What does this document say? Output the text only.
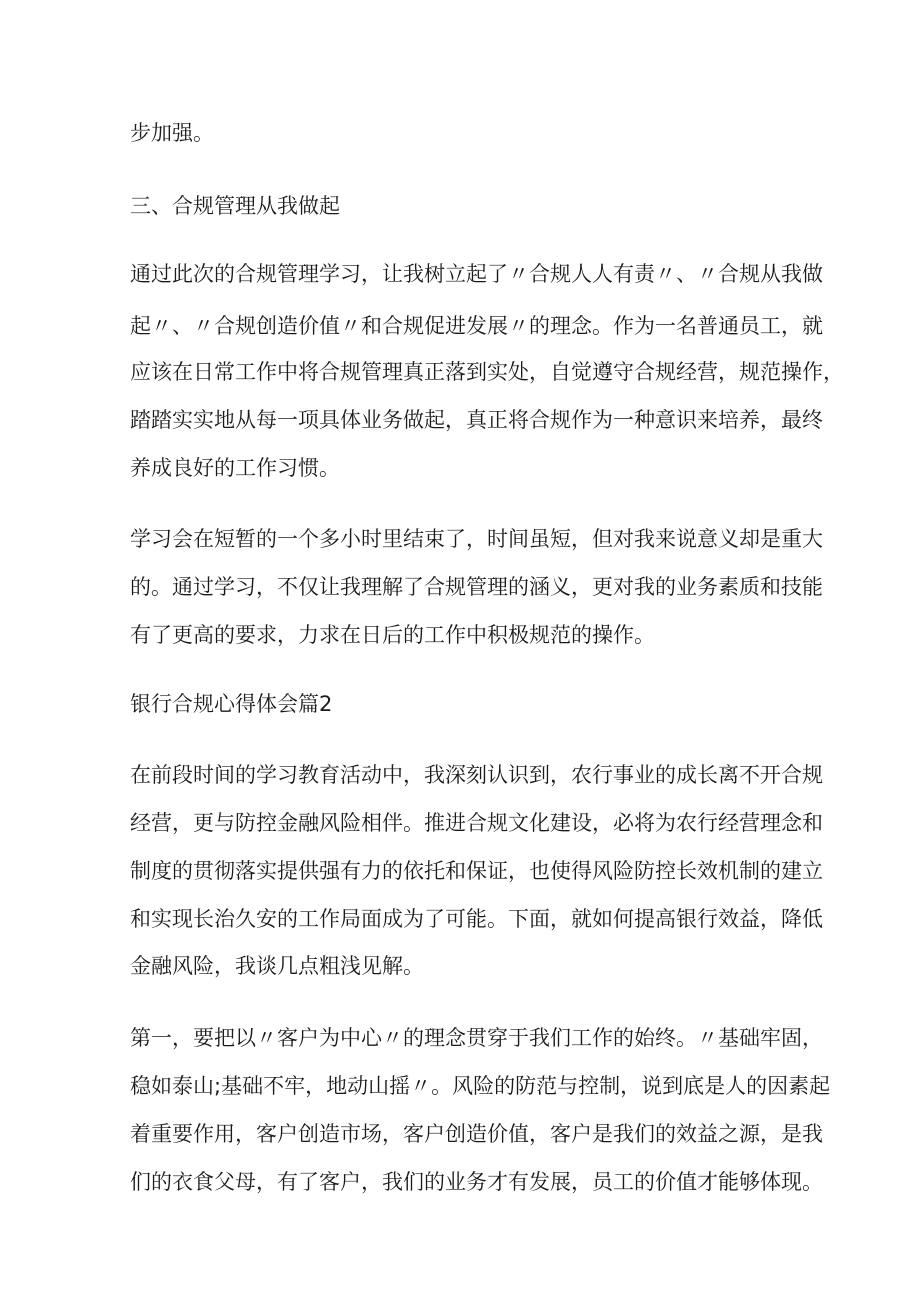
步加强。
三、合规管理从我做起
通过此次的合规管理学习，让我树立起了〃合规人人有责〃、〃合规从我做
起〃、〃合规创造价值〃和合规促进发展〃的理念。作为一名普通员工，就
应该在日常工作中将合规管理真正落到实处，自觉遵守合规经营，规范操作，
踏踏实实地从每一项具体业务做起，真正将合规作为一种意识来培养，最终
养成良好的工作习惯。
学习会在短暂的一个多小时里结束了，时间虽短，但对我来说意义却是重大
的。通过学习，不仅让我理解了合规管理的涵义，更对我的业务素质和技能
有了更高的要求，力求在日后的工作中积极规范的操作。
银行合规心得体会篇2
在前段时间的学习教育活动中，我深刻认识到，农行事业的成长离不开合规
经营，更与防控金融风险相伴。推进合规文化建设，必将为农行经营理念和
制度的贯彻落实提供强有力的依托和保证，也使得风险防控长效机制的建立
和实现长治久安的工作局面成为了可能。下面，就如何提高银行效益，降低
金融风险，我谈几点粗浅见解。
第一，要把以〃客户为中心〃的理念贯穿于我们工作的始终。〃基础牢固，
稳如泰山;基础不牢，地动山摇〃。风险的防范与控制，说到底是人的因素起
着重要作用，客户创造市场，客户创造价值，客户是我们的效益之源，是我
们的衣食父母，有了客户，我们的业务才有发展，员工的价值才能够体现。
